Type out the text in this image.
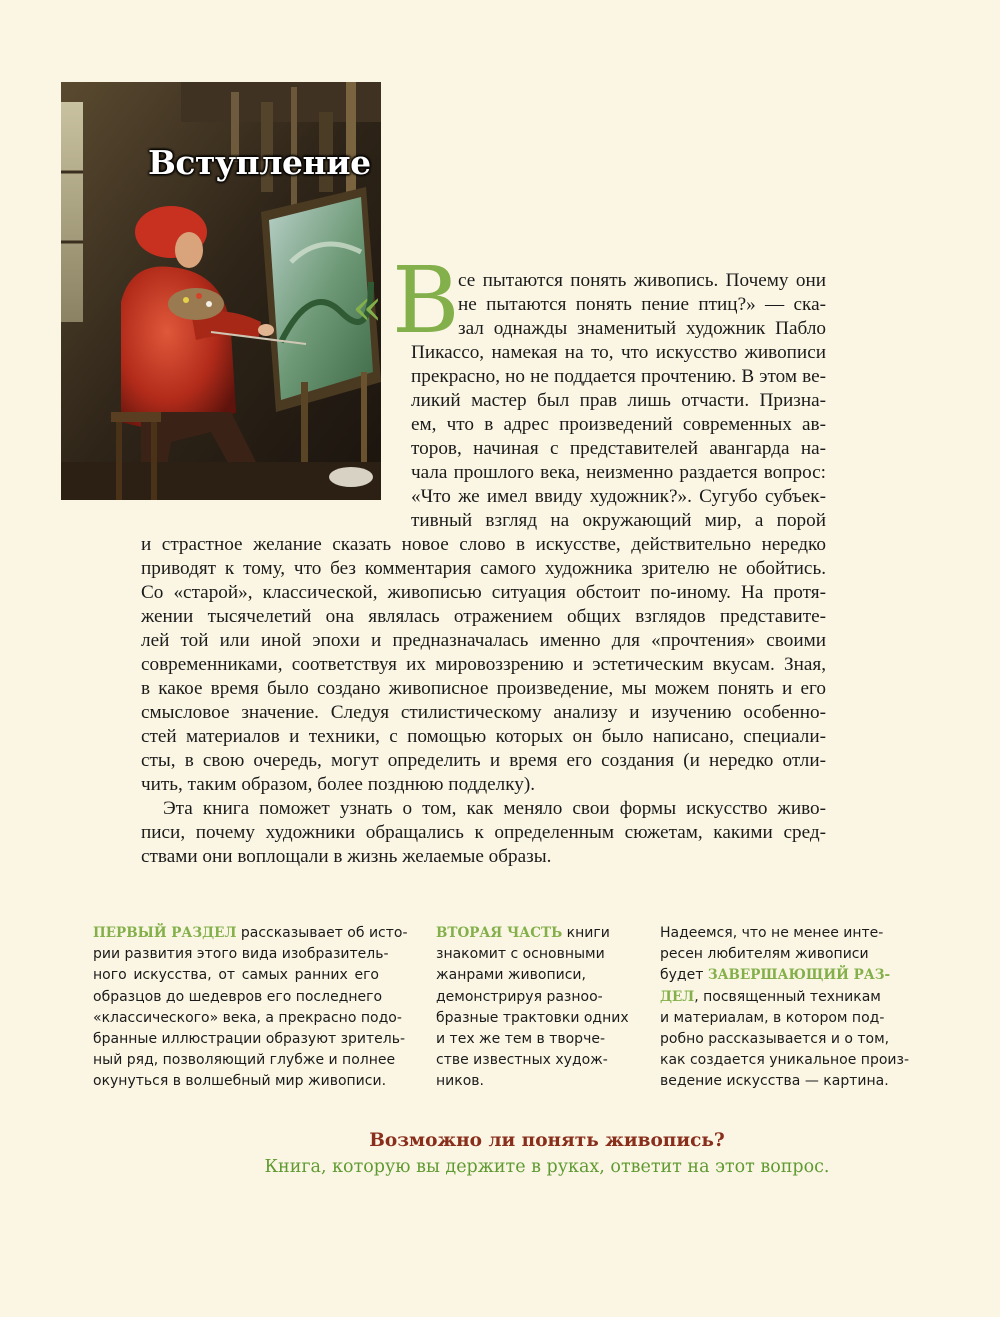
Вступление
« В
се пытаются понять живопись. Почему они
не пытаются понять пение птиц?» — ска-
зал однажды знаменитый художник Пабло
Пикассо, намекая на то, что искусство живописи
прекрасно, но не поддается прочтению. В этом ве-
ликий мастер был прав лишь отчасти. Призна-
ем, что в адрес произведений современных ав-
торов, начиная с представителей авангарда на-
чала прошлого века, неизменно раздается вопрос:
«Что же имел ввиду художник?». Сугубо субъек-
тивный взгляд на окружающий мир, а порой
и страстное желание сказать новое слово в искусстве, действительно нередко
приводят к тому, что без комментария самого художника зрителю не обойтись.
Со «старой», классической, живописью ситуация обстоит по-иному. На протя-
жении тысячелетий она являлась отражением общих взглядов представите-
лей той или иной эпохи и предназначалась именно для «прочтения» своими
современниками, соответствуя их мировоззрению и эстетическим вкусам. Зная,
в какое время было создано живописное произведение, мы можем понять и его
смысловое значение. Следуя стилистическому анализу и изучению особенно-
стей материалов и техники, с помощью которых он было написано, специали-
сты, в свою очередь, могут определить и время его создания (и нередко отли-
чить, таким образом, более позднюю подделку).
Эта книга поможет узнать о том, как меняло свои формы искусство живо-
писи, почему художники обращались к определенным сюжетам, какими сред-
ствами они воплощали в жизнь желаемые образы.
ПЕРВЫЙ РАЗДЕЛ рассказывает об исто-
рии развития этого вида изобразитель-
ного искусства, от самых ранних его
образцов до шедевров его последнего
«классического» века, а прекрасно подо-
бранные иллюстрации образуют зритель-
ный ряд, позволяющий глубже и полнее
окунуться в волшебный мир живописи.
ВТОРАЯ ЧАСТЬ книги
знакомит с основными
жанрами живописи,
демонстрируя разноо-
бразные трактовки одних
и тех же тем в творче-
стве известных худож-
ников.
Надеемся, что не менее инте-
ресен любителям живописи
будет ЗАВЕРШАЮЩИЙ РАЗ-
ДЕЛ, посвященный техникам
и материалам, в котором под-
робно рассказывается и о том,
как создается уникальное произ-
ведение искусства — картина.
Возможно ли понять живопись?
Книга, которую вы держите в руках, ответит на этот вопрос.
